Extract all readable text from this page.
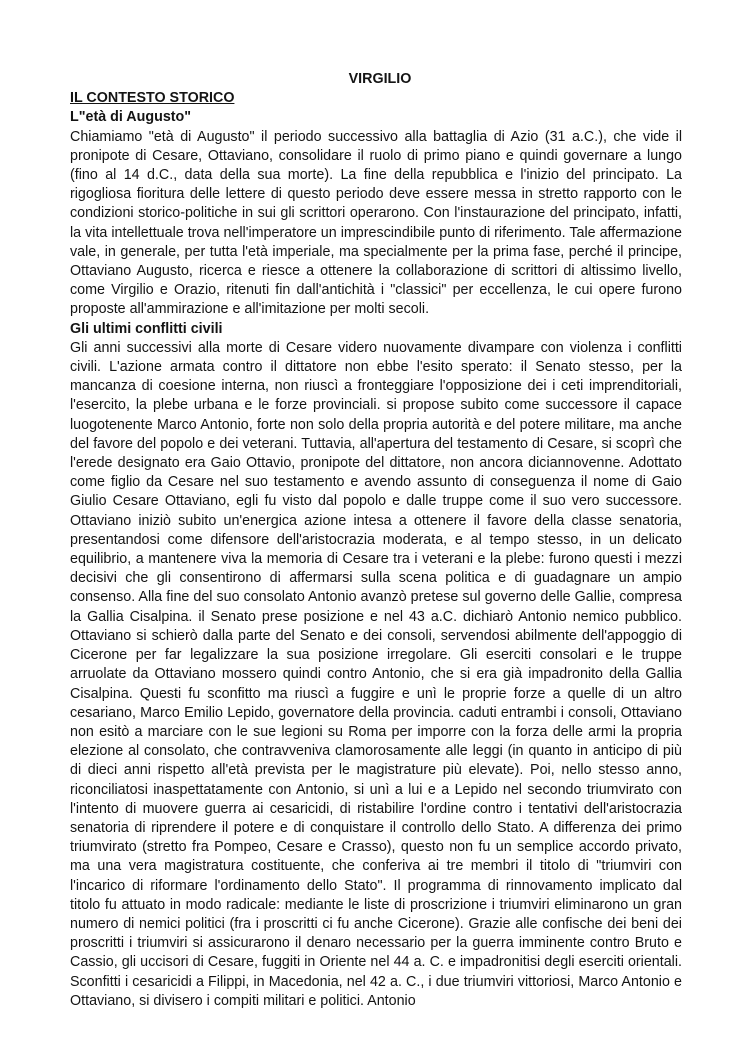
VIRGILIO

IL CONTESTO STORICO

L"età di Augusto"

Chiamiamo "età di Augusto" il periodo successivo alla battaglia di Azio (31 a.C.), che vide il pronipote di Cesare, Ottaviano, consolidare il ruolo di primo piano e quindi governare a lungo (fino al 14 d.C., data della sua morte). La fine della repubblica e l'inizio del principato. La rigogliosa fioritura delle lettere di questo periodo deve essere messa in stretto rapporto con le condizioni storico-politiche in sui gli scrittori operarono. Con l'instaurazione del principato, infatti, la vita intellettuale trova nell'imperatore un imprescindibile punto di riferimento. Tale affermazione vale, in generale, per tutta l'età imperiale, ma specialmente per la prima fase, perché il principe, Ottaviano Augusto, ricerca e riesce a ottenere la collaborazione di scrittori di altissimo livello, come Virgilio e Orazio, ritenuti fin dall'antichità i "classici" per eccellenza, le cui opere furono proposte all'ammirazione e all'imitazione per molti secoli.

Gli ultimi conflitti civili

Gli anni successivi alla morte di Cesare videro nuovamente divampare con violenza i conflitti civili. L'azione armata contro il dittatore non ebbe l'esito sperato: il Senato stesso, per la mancanza di coesione interna, non riuscì a fronteggiare l'opposizione dei i ceti imprenditoriali, l'esercito, la plebe urbana e le forze provinciali. si propose subito come successore il capace luogotenente Marco Antonio, forte non solo della propria autorità e del potere militare, ma anche del favore del popolo e dei veterani. Tuttavia, all'apertura del testamento di Cesare, si scoprì che l'erede designato era Gaio Ottavio, pronipote del dittatore, non ancora diciannovenne. Adottato come figlio da Cesare nel suo testamento e avendo assunto di conseguenza il nome di Gaio Giulio Cesare Ottaviano, egli fu visto dal popolo e dalle truppe come il suo vero successore. Ottaviano iniziò subito un'energica azione intesa a ottenere il favore della classe senatoria, presentandosi come difensore dell'aristocrazia moderata, e al tempo stesso, in un delicato equilibrio, a mantenere viva la memoria di Cesare tra i veterani e la plebe: furono questi i mezzi decisivi che gli consentirono di affermarsi sulla scena politica e di guadagnare un ampio consenso. Alla fine del suo consolato Antonio avanzò pretese sul governo delle Gallie, compresa la Gallia Cisalpina. il Senato prese posizione e nel 43 a.C. dichiarò Antonio nemico pubblico. Ottaviano si schierò dalla parte del Senato e dei consoli, servendosi abilmente dell'appoggio di Cicerone per far legalizzare la sua posizione irregolare. Gli eserciti consolari e le truppe arruolate da Ottaviano mossero quindi contro Antonio, che si era già impadronito della Gallia Cisalpina. Questi fu sconfitto ma riuscì a fuggire e unì le proprie forze a quelle di un altro cesariano, Marco Emilio Lepido, governatore della provincia. caduti entrambi i consoli, Ottaviano non esitò a marciare con le sue legioni su Roma per imporre con la forza delle armi la propria elezione al consolato, che contravveniva clamorosamente alle leggi (in quanto in anticipo di più di dieci anni rispetto all'età prevista per le magistrature più elevate). Poi, nello stesso anno, riconciliatosi inaspettatamente con Antonio, si unì a lui e a Lepido nel secondo triumvirato con l'intento di muovere guerra ai cesaricidi, di ristabilire l'ordine contro i tentativi dell'aristocrazia senatoria di riprendere il potere e di conquistare il controllo dello Stato. A differenza dei primo triumvirato (stretto fra Pompeo, Cesare e Crasso), questo non fu un semplice accordo privato, ma una vera magistratura costituente, che conferiva ai tre membri il titolo di "triumviri con l'incarico di riformare l'ordinamento dello Stato". Il programma di rinnovamento implicato dal titolo fu attuato in modo radicale: mediante le liste di proscrizione i triumviri eliminarono un gran numero di nemici politici (fra i proscritti ci fu anche Cicerone). Grazie alle confische dei beni dei proscritti i triumviri si assicurarono il denaro necessario per la guerra imminente contro Bruto e Cassio, gli uccisori di Cesare, fuggiti in Oriente nel 44 a. C. e impadronitisi degli eserciti orientali. Sconfitti i cesaricidi a Filippi, in Macedonia, nel 42 a. C., i due triumviri vittoriosi, Marco Antonio e Ottaviano, si divisero i compiti militari e politici. Antonio
